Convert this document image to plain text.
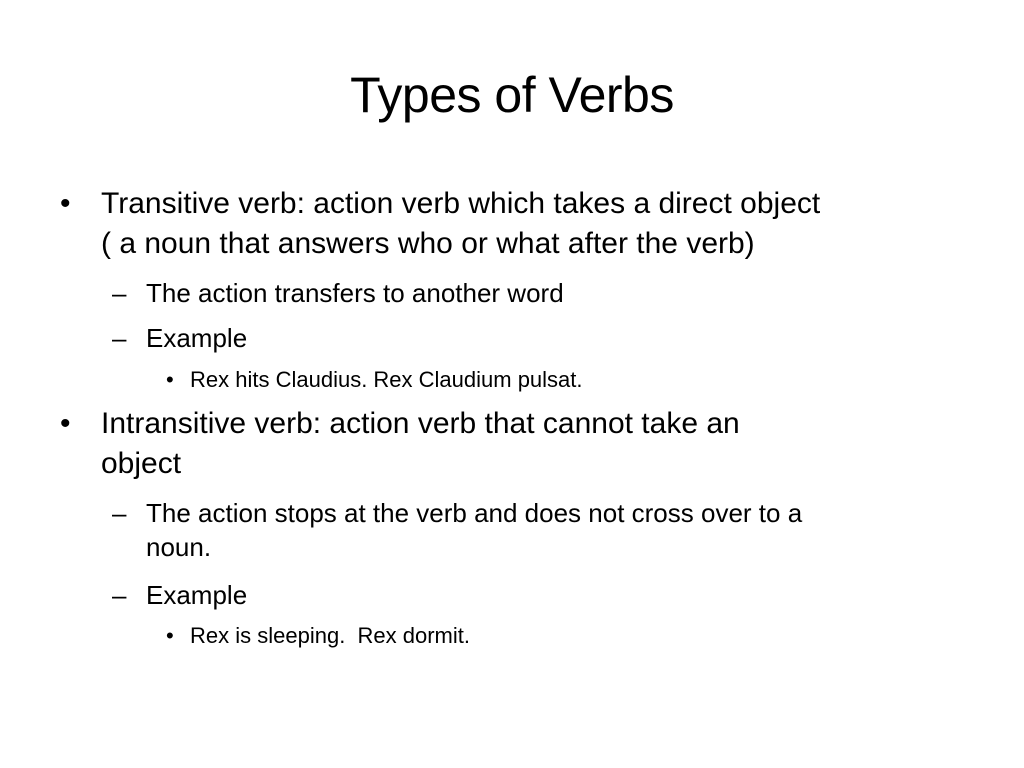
Types of Verbs
• Transitive verb: action verb which takes a direct object
( a noun that answers who or what after the verb)
– The action transfers to another word
– Example
• Rex hits Claudius. Rex Claudium pulsat.
• Intransitive verb: action verb that cannot take an
object
– The action stops at the verb and does not cross over to a
noun.
– Example
• Rex is sleeping.  Rex dormit.
